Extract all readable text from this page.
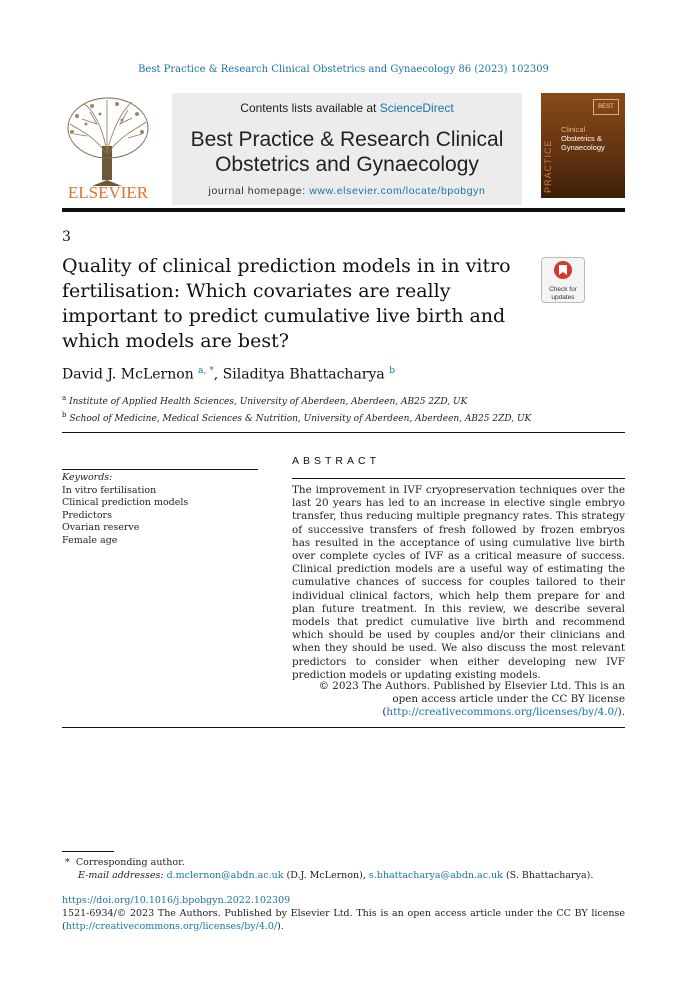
Best Practice & Research Clinical Obstetrics and Gynaecology 86 (2023) 102309
ELSEVIER
Contents lists available at ScienceDirect
Best Practice & Research Clinical
Obstetrics and Gynaecology
journal homepage: www.elsevier.com/locate/bpobgyn
BEST
PRACTICE
Clinical
Obstetrics &
Gynaecology
3
Quality of clinical prediction models in in vitro fertilisation: Which covariates are really important to predict cumulative live birth and which models are best?
Check for
updates
David J. McLernon $^{a, *}$, Siladitya Bhattacharya $^b$
$^a$ Institute of Applied Health Sciences, University of Aberdeen, Aberdeen, AB25 2ZD, UK
$^b$ School of Medicine, Medical Sciences & Nutrition, University of Aberdeen, Aberdeen, AB25 2ZD, UK
Keywords:
In vitro fertilisation
Clinical prediction models
Predictors
Ovarian reserve
Female age
ABSTRACT
The improvement in IVF cryopreservation techniques over the last 20 years has led to an increase in elective single embryo transfer, thus reducing multiple pregnancy rates. This strategy of successive transfers of fresh followed by frozen embryos has resulted in the acceptance of using cumulative live birth over complete cycles of IVF as a critical measure of success. Clinical prediction models are a useful way of estimating the cumulative chances of success for couples tailored to their individual clinical factors, which help them prepare for and plan future treatment. In this review, we describe several models that predict cumulative live birth and recommend which should be used by couples and/or their clinicians and when they should be used. We also discuss the most relevant predictors to consider when either developing new IVF prediction models or updating existing models.
© 2023 The Authors. Published by Elsevier Ltd. This is an open access article under the CC BY license (http://creativecommons.org/licenses/by/4.0/).
* Corresponding author.
E-mail addresses: d.mclernon@abdn.ac.uk (D.J. McLernon), s.bhattacharya@abdn.ac.uk (S. Bhattacharya).
https://doi.org/10.1016/j.bpobgyn.2022.102309
1521-6934/© 2023 The Authors. Published by Elsevier Ltd. This is an open access article under the CC BY license (http://creativecommons.org/licenses/by/4.0/).
